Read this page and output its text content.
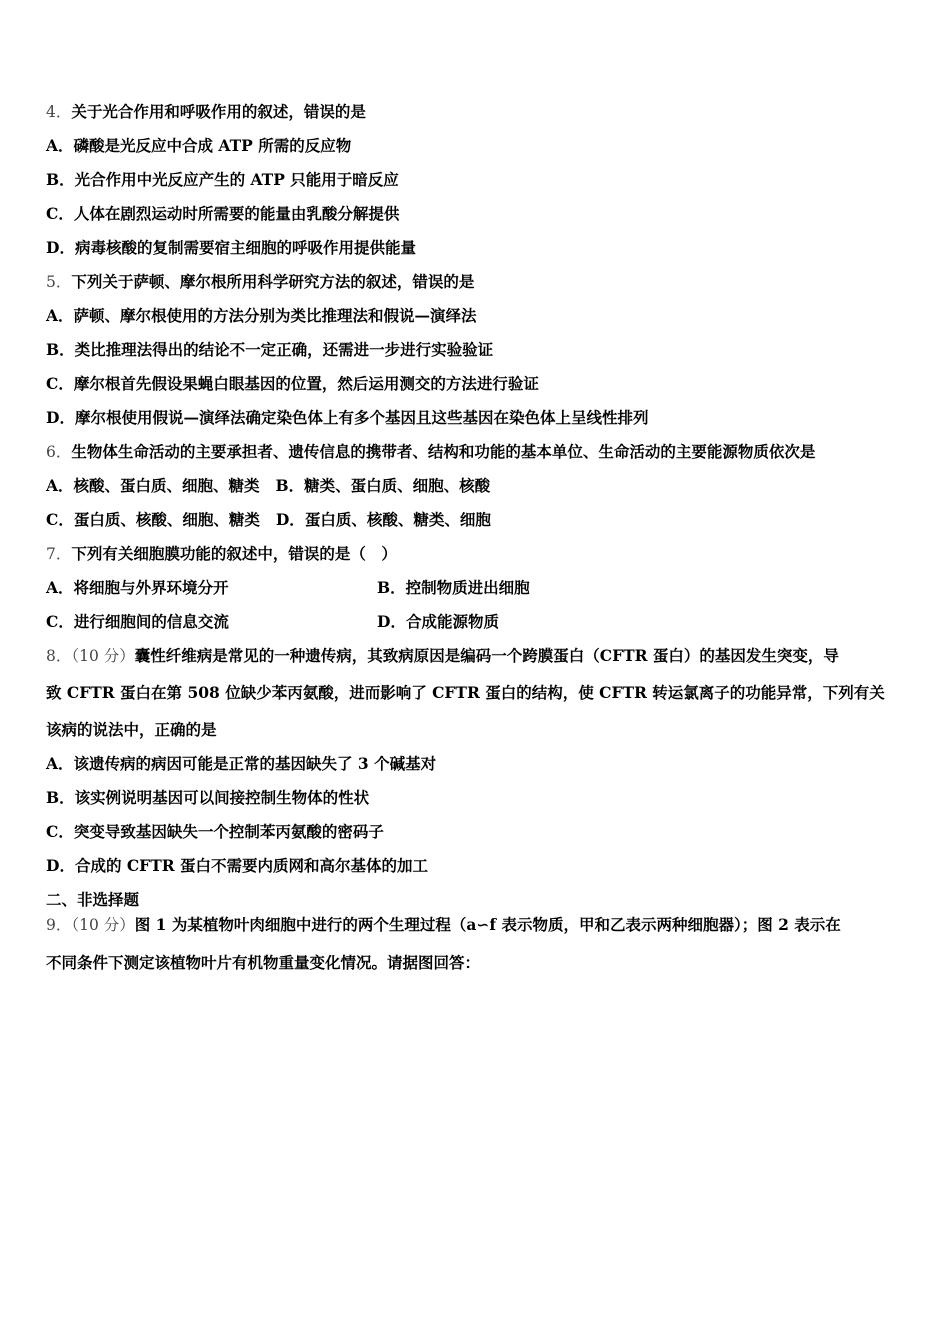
4．关于光合作用和呼吸作用的叙述，错误的是
A．磷酸是光反应中合成 ATP 所需的反应物
B．光合作用中光反应产生的 ATP 只能用于暗反应
C．人体在剧烈运动时所需要的能量由乳酸分解提供
D．病毒核酸的复制需要宿主细胞的呼吸作用提供能量
5．下列关于萨顿、摩尔根所用科学研究方法的叙述，错误的是
A．萨顿、摩尔根使用的方法分别为类比推理法和假说—演绎法
B．类比推理法得出的结论不一定正确，还需进一步进行实验验证
C．摩尔根首先假设果蝇白眼基因的位置，然后运用测交的方法进行验证
D．摩尔根使用假说—演绎法确定染色体上有多个基因且这些基因在染色体上呈线性排列
6．生物体生命活动的主要承担者、遗传信息的携带者、结构和功能的基本单位、生命活动的主要能源物质依次是
A．核酸、蛋白质、细胞、糖类 B．糖类、蛋白质、细胞、核酸
C．蛋白质、核酸、细胞、糖类 D．蛋白质、核酸、糖类、细胞
7．下列有关细胞膜功能的叙述中，错误的是（　）
A．将细胞与外界环境分开	B．控制物质进出细胞
C．进行细胞间的信息交流	D．合成能源物质
8．（10 分）囊性纤维病是常见的一种遗传病，其致病原因是编码一个跨膜蛋白（CFTR 蛋白）的基因发生突变，导
致 CFTR 蛋白在第 508 位缺少苯丙氨酸，进而影响了 CFTR 蛋白的结构，使 CFTR 转运氯离子的功能异常，下列有关
该病的说法中，正确的是
A．该遗传病的病因可能是正常的基因缺失了 3 个碱基对
B．该实例说明基因可以间接控制生物体的性状
C．突变导致基因缺失一个控制苯丙氨酸的密码子
D．合成的 CFTR 蛋白不需要内质网和高尔基体的加工
二、非选择题
9．（10 分）图 1 为某植物叶肉细胞中进行的两个生理过程（a∽f 表示物质，甲和乙表示两种细胞器）；图 2 表示在
不同条件下测定该植物叶片有机物重量变化情况。请据图回答：
